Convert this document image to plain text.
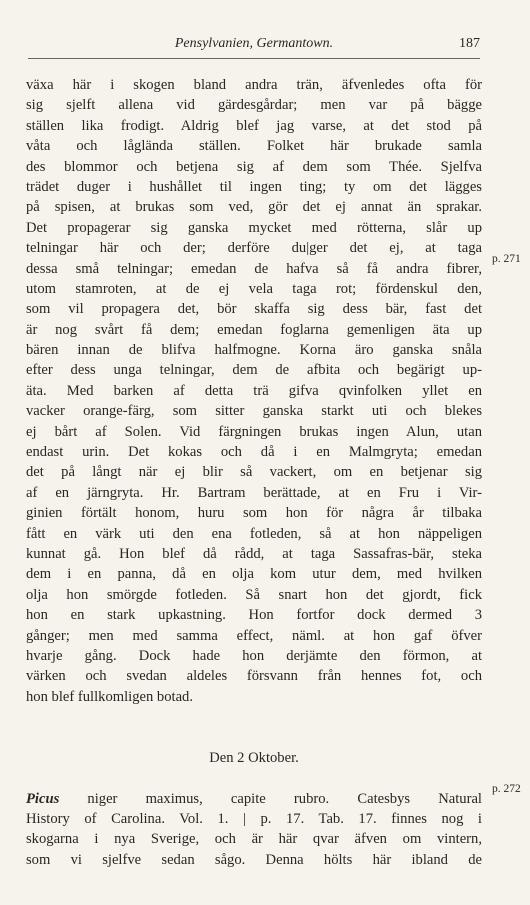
Pensylvanien, Germantown.	187
växa här i skogen bland andra trän, äfvenledes ofta för
sig sjelft allena vid gärdesgårdar; men var på bägge
ställen lika frodigt. Aldrig blef jag varse, at det stod på
våta och låglända ställen. Folket här brukade samla
des blommor och betjena sig af dem som Thée. Sjelfva
trädet duger i hushållet til ingen ting; ty om det lägges
på spisen, at brukas som ved, gör det ej annat än sprakar.
Det propagerar sig ganska mycket med rötterna, slår up
telningar här och der; derföre du|ger det ej, at taga
dessa små telningar; emedan de hafva så få andra fibrer,
utom stamroten, at de ej vela taga rot; fördenskul den,
som vil propagera det, bör skaffa sig dess bär, fast det
är nog svårt få dem; emedan foglarna gemenligen äta up
bären innan de blifva halfmogne. Korna äro ganska snåla
efter dess unga telningar, dem de afbita och begärigt up-
äta. Med barken af detta trä gifva qvinfolken yllet en
vacker orange-färg, som sitter ganska starkt uti och blekes
ej bårt af Solen. Vid färgningen brukas ingen Alun, utan
endast urin. Det kokas och då i en Malmgryta; emedan
det på långt när ej blir så vackert, om en betjenar sig
af en järngryta. Hr. Bartram berättade, at en Fru i Vir-
ginien förtält honom, huru som hon för några år tilbaka
fått en värk uti den ena fotleden, så at hon näppeligen
kunnat gå. Hon blef då rådd, at taga Sassafras-bär, steka
dem i en panna, då en olja kom utur dem, med hvilken
olja hon smörgde fotleden. Så snart hon det gjordt, fick
hon en stark upkastning. Hon fortfor dock dermed 3
gånger; men med samma effect, näml. at hon gaf öfver
hvarje gång. Dock hade hon derjämte den förmon, at
värken och svedan aldeles försvann från hennes fot, och
hon blef fullkomligen botad.
Den 2 Oktober.
Picus niger maximus, capite rubro. Catesbys Natural
History of Carolina. Vol. 1. | p. 17. Tab. 17. finnes nog i
skogarna i nya Sverige, och är här qvar äfven om vintern,
som vi sjelfve sedan sågo. Denna hölts här ibland de
p. 271
p. 272
